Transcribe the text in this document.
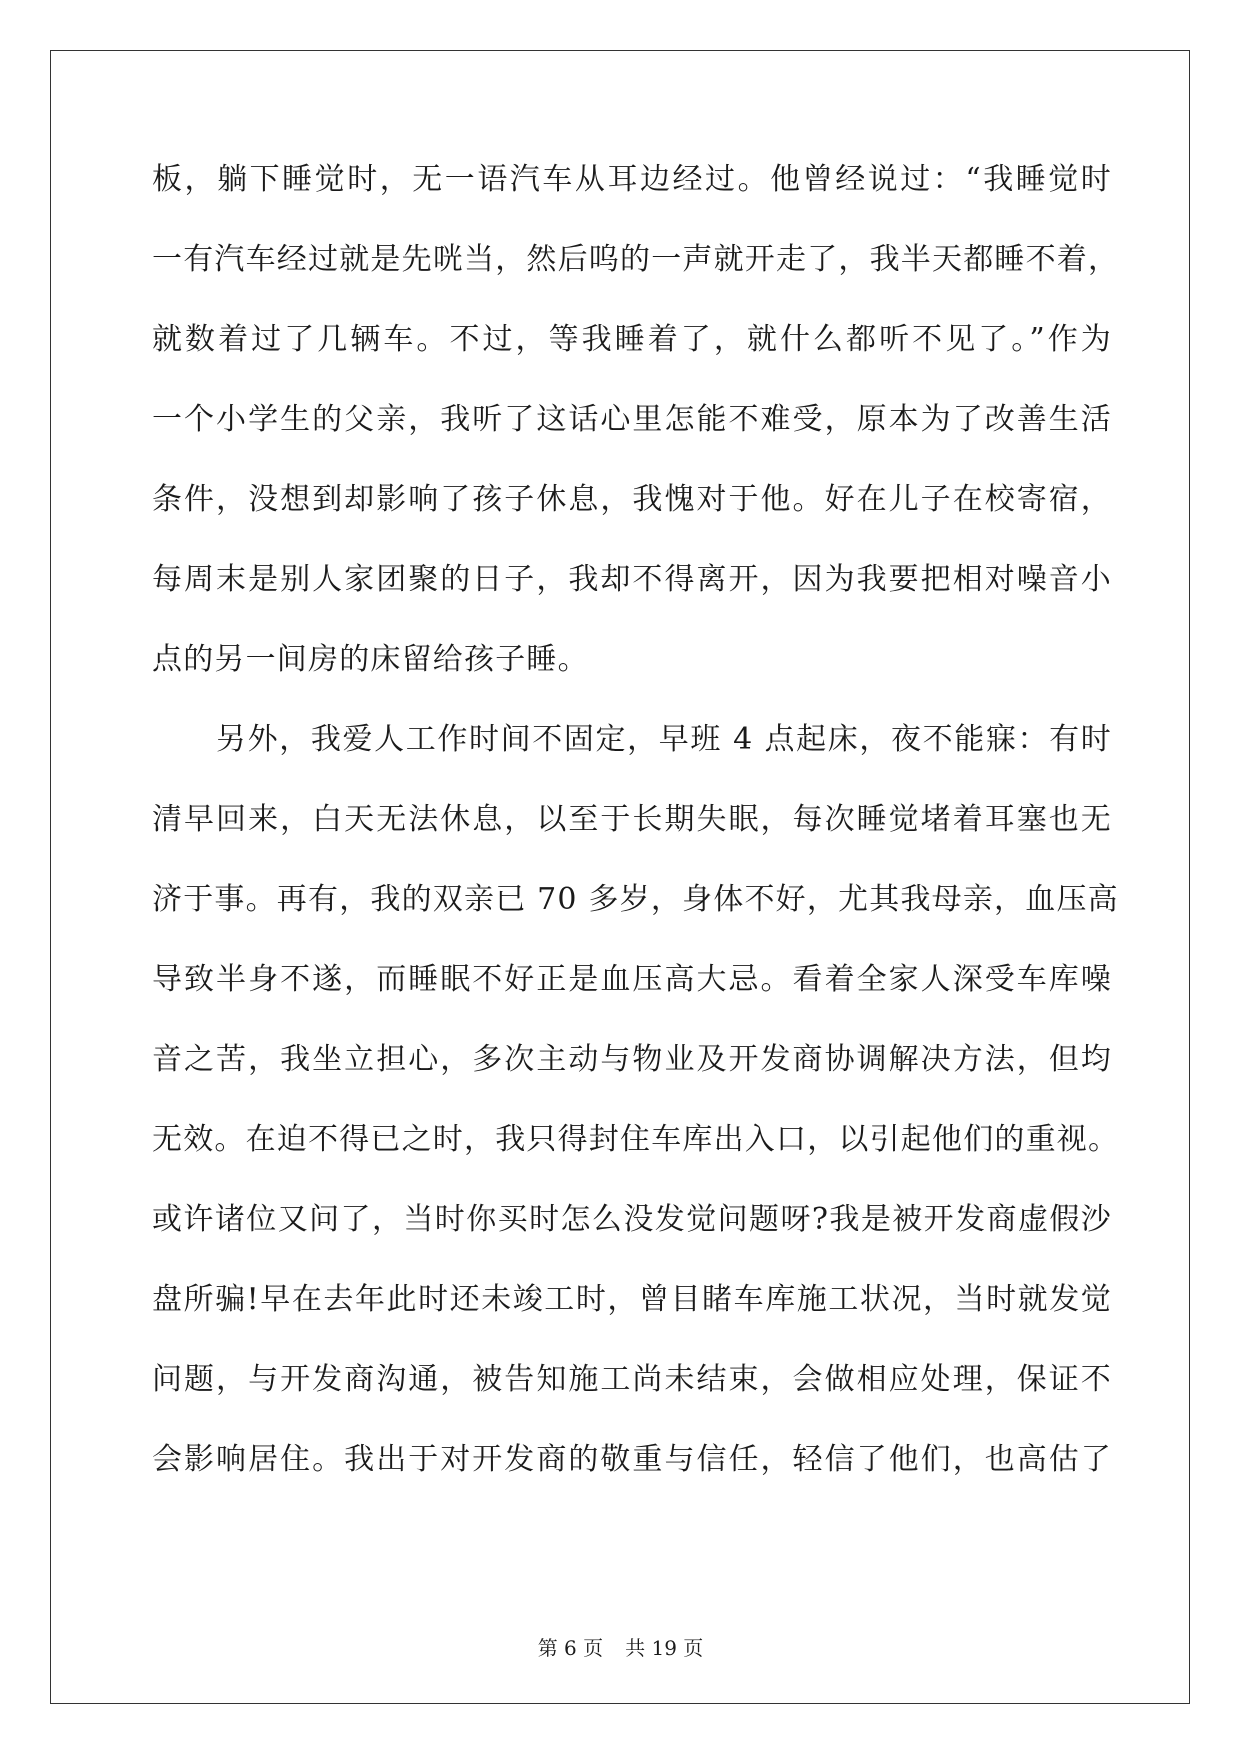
板，躺下睡觉时，无一语汽车从耳边经过。他曾经说过：“我睡觉时
一有汽车经过就是先咣当，然后呜的一声就开走了，我半天都睡不着，
就数着过了几辆车。不过，等我睡着了，就什么都听不见了。”作为
一个小学生的父亲，我听了这话心里怎能不难受，原本为了改善生活
条件，没想到却影响了孩子休息，我愧对于他。好在儿子在校寄宿，
每周末是别人家团聚的日子，我却不得离开，因为我要把相对噪音小
点的另一间房的床留给孩子睡。
另外，我爱人工作时间不固定，早班 4 点起床，夜不能寐：有时
清早回来，白天无法休息，以至于长期失眠，每次睡觉堵着耳塞也无
济于事。再有，我的双亲已 70 多岁，身体不好，尤其我母亲，血压高
导致半身不遂，而睡眠不好正是血压高大忌。看着全家人深受车库噪
音之苦，我坐立担心，多次主动与物业及开发商协调解决方法，但均
无效。在迫不得已之时，我只得封住车库出入口，以引起他们的重视。
或许诸位又问了，当时你买时怎么没发觉问题呀?我是被开发商虚假沙
盘所骗!早在去年此时还未竣工时，曾目睹车库施工状况，当时就发觉
问题，与开发商沟通，被告知施工尚未结束，会做相应处理，保证不
会影响居住。我出于对开发商的敬重与信任，轻信了他们，也高估了
第 6 页 共 19 页
